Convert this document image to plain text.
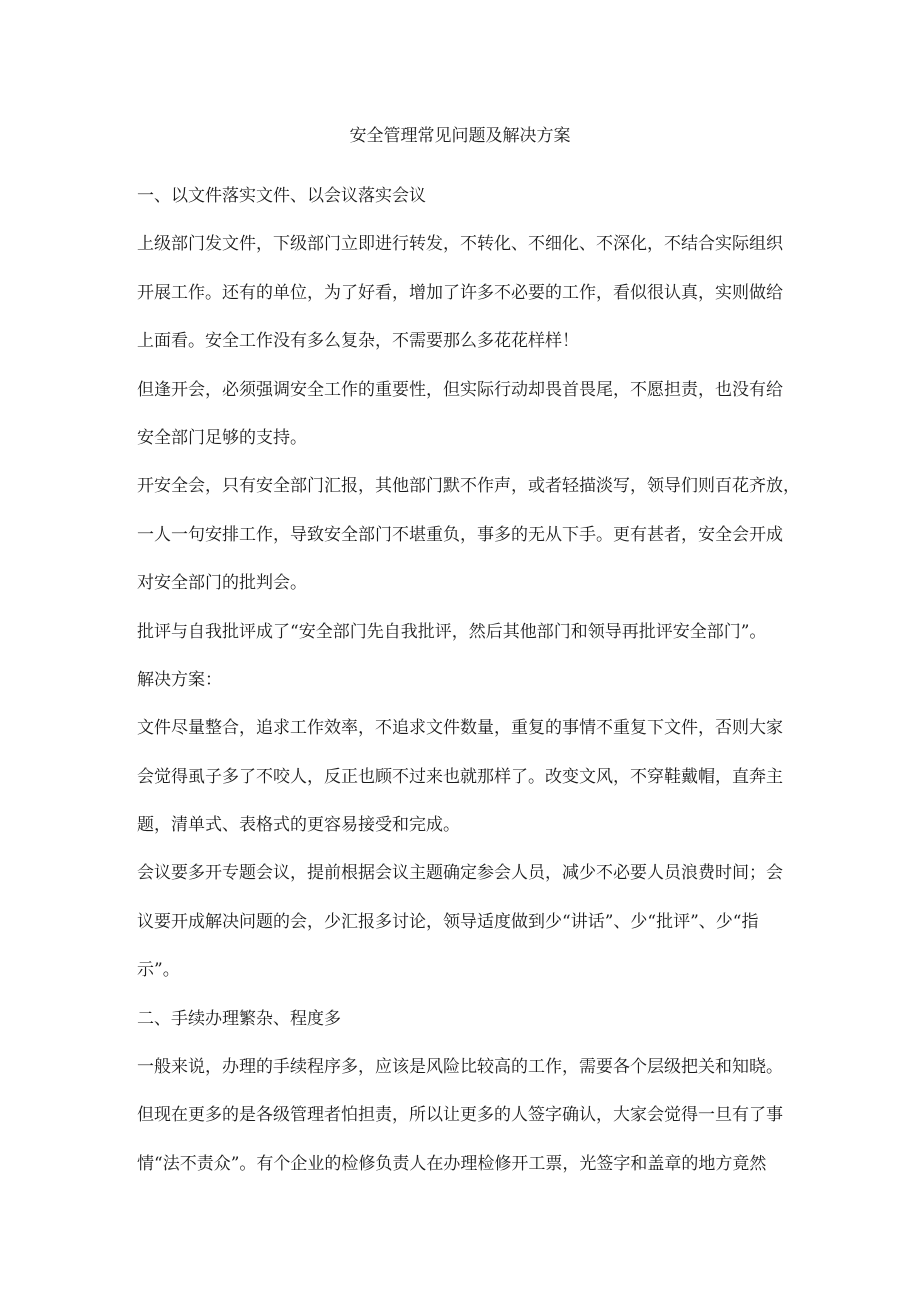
安全管理常见问题及解决方案
一、以文件落实文件、以会议落实会议
上级部门发文件，下级部门立即进行转发，不转化、不细化、不深化，不结合实际组织
开展工作。还有的单位，为了好看，增加了许多不必要的工作，看似很认真，实则做给
上面看。安全工作没有多么复杂，不需要那么多花花样样！
但逢开会，必须强调安全工作的重要性，但实际行动却畏首畏尾，不愿担责，也没有给
安全部门足够的支持。
开安全会，只有安全部门汇报，其他部门默不作声，或者轻描淡写，领导们则百花齐放，
一人一句安排工作，导致安全部门不堪重负，事多的无从下手。更有甚者，安全会开成
对安全部门的批判会。
批评与自我批评成了“安全部门先自我批评，然后其他部门和领导再批评安全部门”。
解决方案：
文件尽量整合，追求工作效率，不追求文件数量，重复的事情不重复下文件，否则大家
会觉得虱子多了不咬人，反正也顾不过来也就那样了。改变文风，不穿鞋戴帽，直奔主
题，清单式、表格式的更容易接受和完成。
会议要多开专题会议，提前根据会议主题确定参会人员，减少不必要人员浪费时间；会
议要开成解决问题的会，少汇报多讨论，领导适度做到少“讲话”、少“批评”、少“指
示”。
二、手续办理繁杂、程度多
一般来说，办理的手续程序多，应该是风险比较高的工作，需要各个层级把关和知晓。
但现在更多的是各级管理者怕担责，所以让更多的人签字确认，大家会觉得一旦有了事
情“法不责众”。有个企业的检修负责人在办理检修开工票，光签字和盖章的地方竟然
